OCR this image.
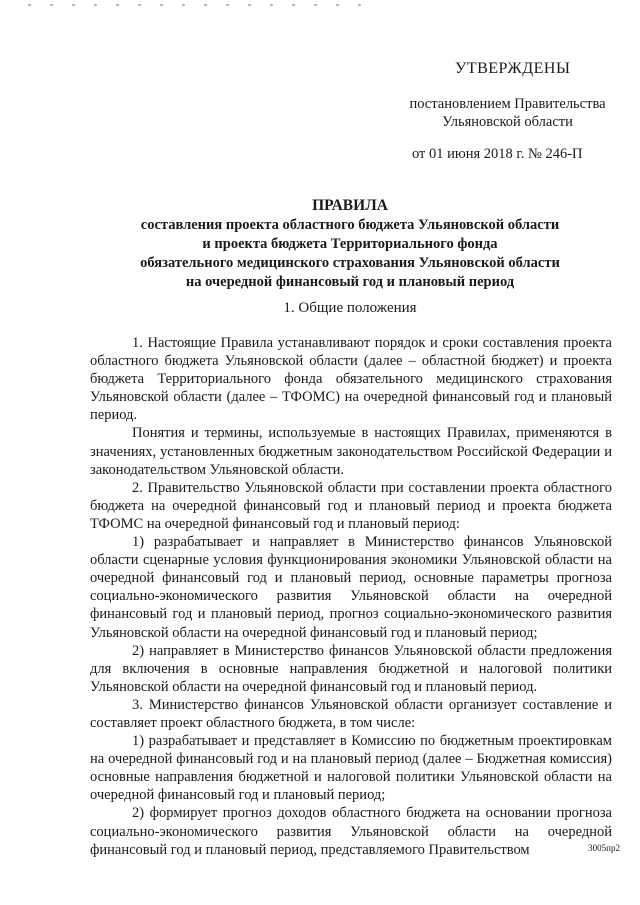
УТВЕРЖДЕНЫ
постановлением Правительства
Ульяновской области
от 01 июня 2018 г. № 246-П
ПРАВИЛА
составления проекта областного бюджета Ульяновской области
и проекта бюджета Территориального фонда
обязательного медицинского страхования Ульяновской области
на очередной финансовый год и плановый период
1. Общие положения

1. Настоящие Правила устанавливают порядок и сроки составления проекта областного бюджета Ульяновской области (далее – областной бюджет) и проекта бюджета Территориального фонда обязательного медицинского страхования Ульяновской области (далее – ТФОМС) на очередной финансовый год и плановый период.

Понятия и термины, используемые в настоящих Правилах, применяются в значениях, установленных бюджетным законодательством Российской Федерации и законодательством Ульяновской области.

2. Правительство Ульяновской области при составлении проекта областного бюджета на очередной финансовый год и плановый период и проекта бюджета ТФОМС на очередной финансовый год и плановый период:

1) разрабатывает и направляет в Министерство финансов Ульяновской области сценарные условия функционирования экономики Ульяновской области на очередной финансовый год и плановый период, основные параметры прогноза социально-экономического развития Ульяновской области на очередной финансовый год и плановый период, прогноз социально-экономического развития Ульяновской области на очередной финансовый год и плановый период;

2) направляет в Министерство финансов Ульяновской области предложения для включения в основные направления бюджетной и налоговой политики Ульяновской области на очередной финансовый год и плановый период.

3. Министерство финансов Ульяновской области организует составление и составляет проект областного бюджета, в том числе:

1) разрабатывает и представляет в Комиссию по бюджетным проектировкам на очередной финансовый год и на плановый период (далее – Бюджетная комиссия) основные направления бюджетной и налоговой политики Ульяновской области на очередной финансовый год и плановый период;

2) формирует прогноз доходов областного бюджета на основании прогноза социально-экономического развития Ульяновской области на очередной финансовый год и плановый период, представляемого Правительством	3005пр2
